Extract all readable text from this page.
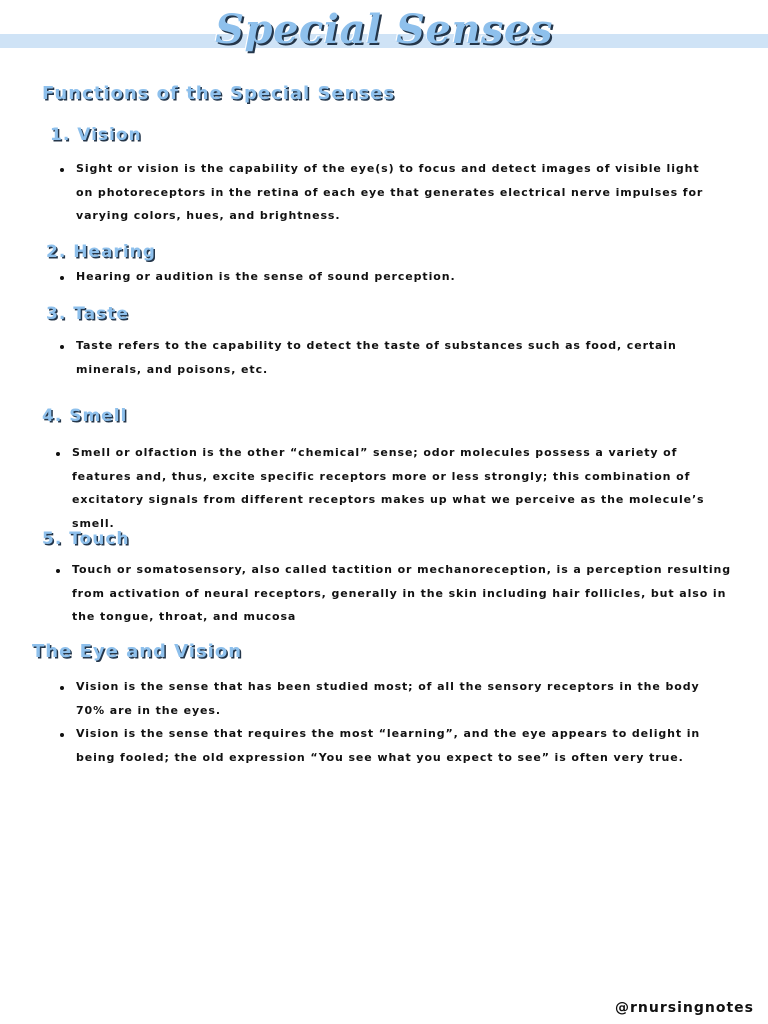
Special Senses
Functions of the Special Senses
1. Vision
Sight or vision is the capability of the eye(s) to focus and detect images of visible light on photoreceptors in the retina of each eye that generates electrical nerve impulses for varying colors, hues, and brightness.
2. Hearing
Hearing or audition is the sense of sound perception.
3. Taste
Taste refers to the capability to detect the taste of substances such as food, certain minerals, and poisons, etc.
4. Smell
Smell or olfaction is the other “chemical” sense; odor molecules possess a variety of features and, thus, excite specific receptors more or less strongly; this combination of excitatory signals from different receptors makes up what we perceive as the molecule’s smell.
5. Touch
Touch or somatosensory, also called tactition or mechanoreception, is a perception resulting from activation of neural receptors, generally in the skin including hair follicles, but also in the tongue, throat, and mucosa
The Eye and Vision
Vision is the sense that has been studied most; of all the sensory receptors in the body 70% are in the eyes.
Vision is the sense that requires the most “learning”, and the eye appears to delight in being fooled; the old expression “You see what you expect to see” is often very true.
@rnursingnotes
